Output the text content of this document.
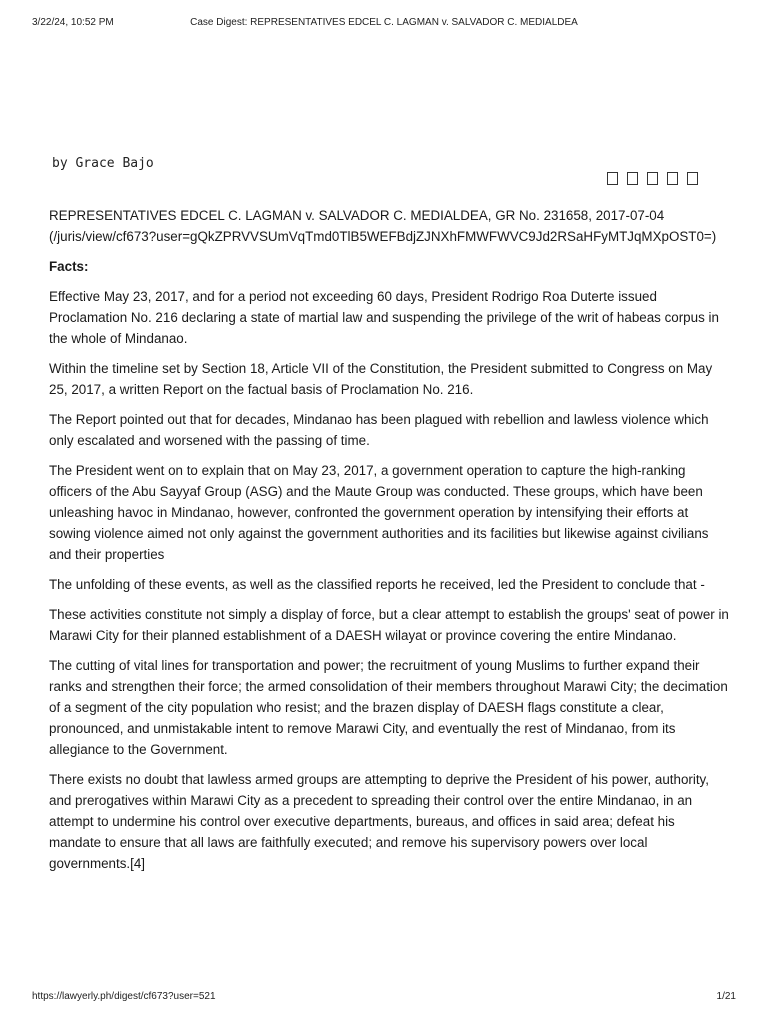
3/22/24, 10:52 PM	Case Digest: REPRESENTATIVES EDCEL C. LAGMAN v. SALVADOR C. MEDIALDEA
by Grace Bajo

REPRESENTATIVES EDCEL C. LAGMAN v. SALVADOR C. MEDIALDEA, GR No. 231658, 2017-07-04
(/juris/view/cf673?user=gQkZPRVVSUmVqTmd0TlB5WEFBdjZJNXhFMWFWVC9Jd2RSaHFyMTJqMXpOST0=)

Facts:

Effective May 23, 2017, and for a period not exceeding 60 days, President Rodrigo Roa Duterte issued Proclamation No. 216 declaring a state of martial law and suspending the privilege of the writ of habeas corpus in the whole of Mindanao.

Within the timeline set by Section 18, Article VII of the Constitution, the President submitted to Congress on May 25, 2017, a written Report on the factual basis of Proclamation No. 216.

The Report pointed out that for decades, Mindanao has been plagued with rebellion and lawless violence which only escalated and worsened with the passing of time.

The President went on to explain that on May 23, 2017, a government operation to capture the high-ranking officers of the Abu Sayyaf Group (ASG) and the Maute Group was conducted. These groups, which have been unleashing havoc in Mindanao, however, confronted the government operation by intensifying their efforts at sowing violence aimed not only against the government authorities and its facilities but likewise against civilians and their properties

The unfolding of these events, as well as the classified reports he received, led the President to conclude that -

These activities constitute not simply a display of force, but a clear attempt to establish the groups' seat of power in Marawi City for their planned establishment of a DAESH wilayat or province covering the entire Mindanao.

The cutting of vital lines for transportation and power; the recruitment of young Muslims to further expand their ranks and strengthen their force; the armed consolidation of their members throughout Marawi City; the decimation of a segment of the city population who resist; and the brazen display of DAESH flags constitute a clear, pronounced, and unmistakable intent to remove Marawi City, and eventually the rest of Mindanao, from its allegiance to the Government.

There exists no doubt that lawless armed groups are attempting to deprive the President of his power, authority, and prerogatives within Marawi City as a precedent to spreading their control over the entire Mindanao, in an attempt to undermine his control over executive departments, bureaus, and offices in said area; defeat his mandate to ensure that all laws are faithfully executed; and remove his supervisory powers over local governments.[4]

https://lawyerly.ph/digest/cf673?user=521	1/21
